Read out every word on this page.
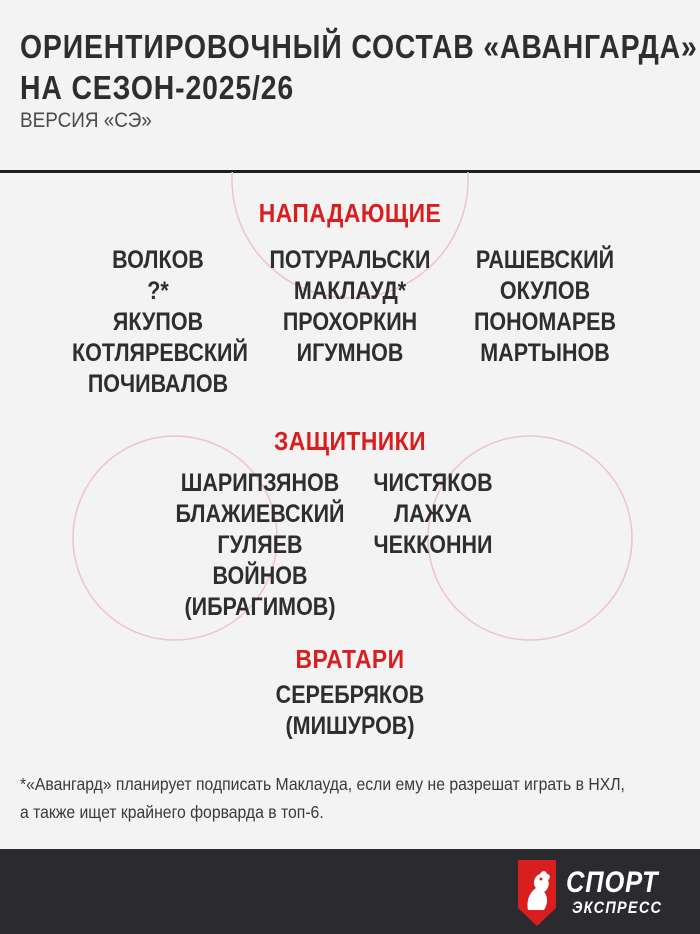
ОРИЕНТИРОВОЧНЫЙ СОСТАВ «АВАНГАРДА»
НА СЕЗОН-2025/26
ВЕРСИЯ «СЭ»
НАПАДАЮЩИЕ
ВОЛКОВ
?*
ЯКУПОВ
КОТЛЯРЕВСКИЙ
ПОЧИВАЛОВ
ПОТУРАЛЬСКИ
МАКЛАУД*
ПРОХОРКИН
ИГУМНОВ
РАШЕВСКИЙ
ОКУЛОВ
ПОНОМАРЕВ
МАРТЫНОВ
ЗАЩИТНИКИ
ШАРИПЗЯНОВ
БЛАЖИЕВСКИЙ
ГУЛЯЕВ
ВОЙНОВ
(ИБРАГИМОВ)
ЧИСТЯКОВ
ЛАЖУА
ЧЕККОННИ
ВРАТАРИ
СЕРЕБРЯКОВ
(МИШУРОВ)
*«Авангард» планирует подписать Маклауда, если ему не разрешат играть в НХЛ,
а также ищет крайнего форварда в топ-6.
СПОРТ
ЭКСПРЕСС
